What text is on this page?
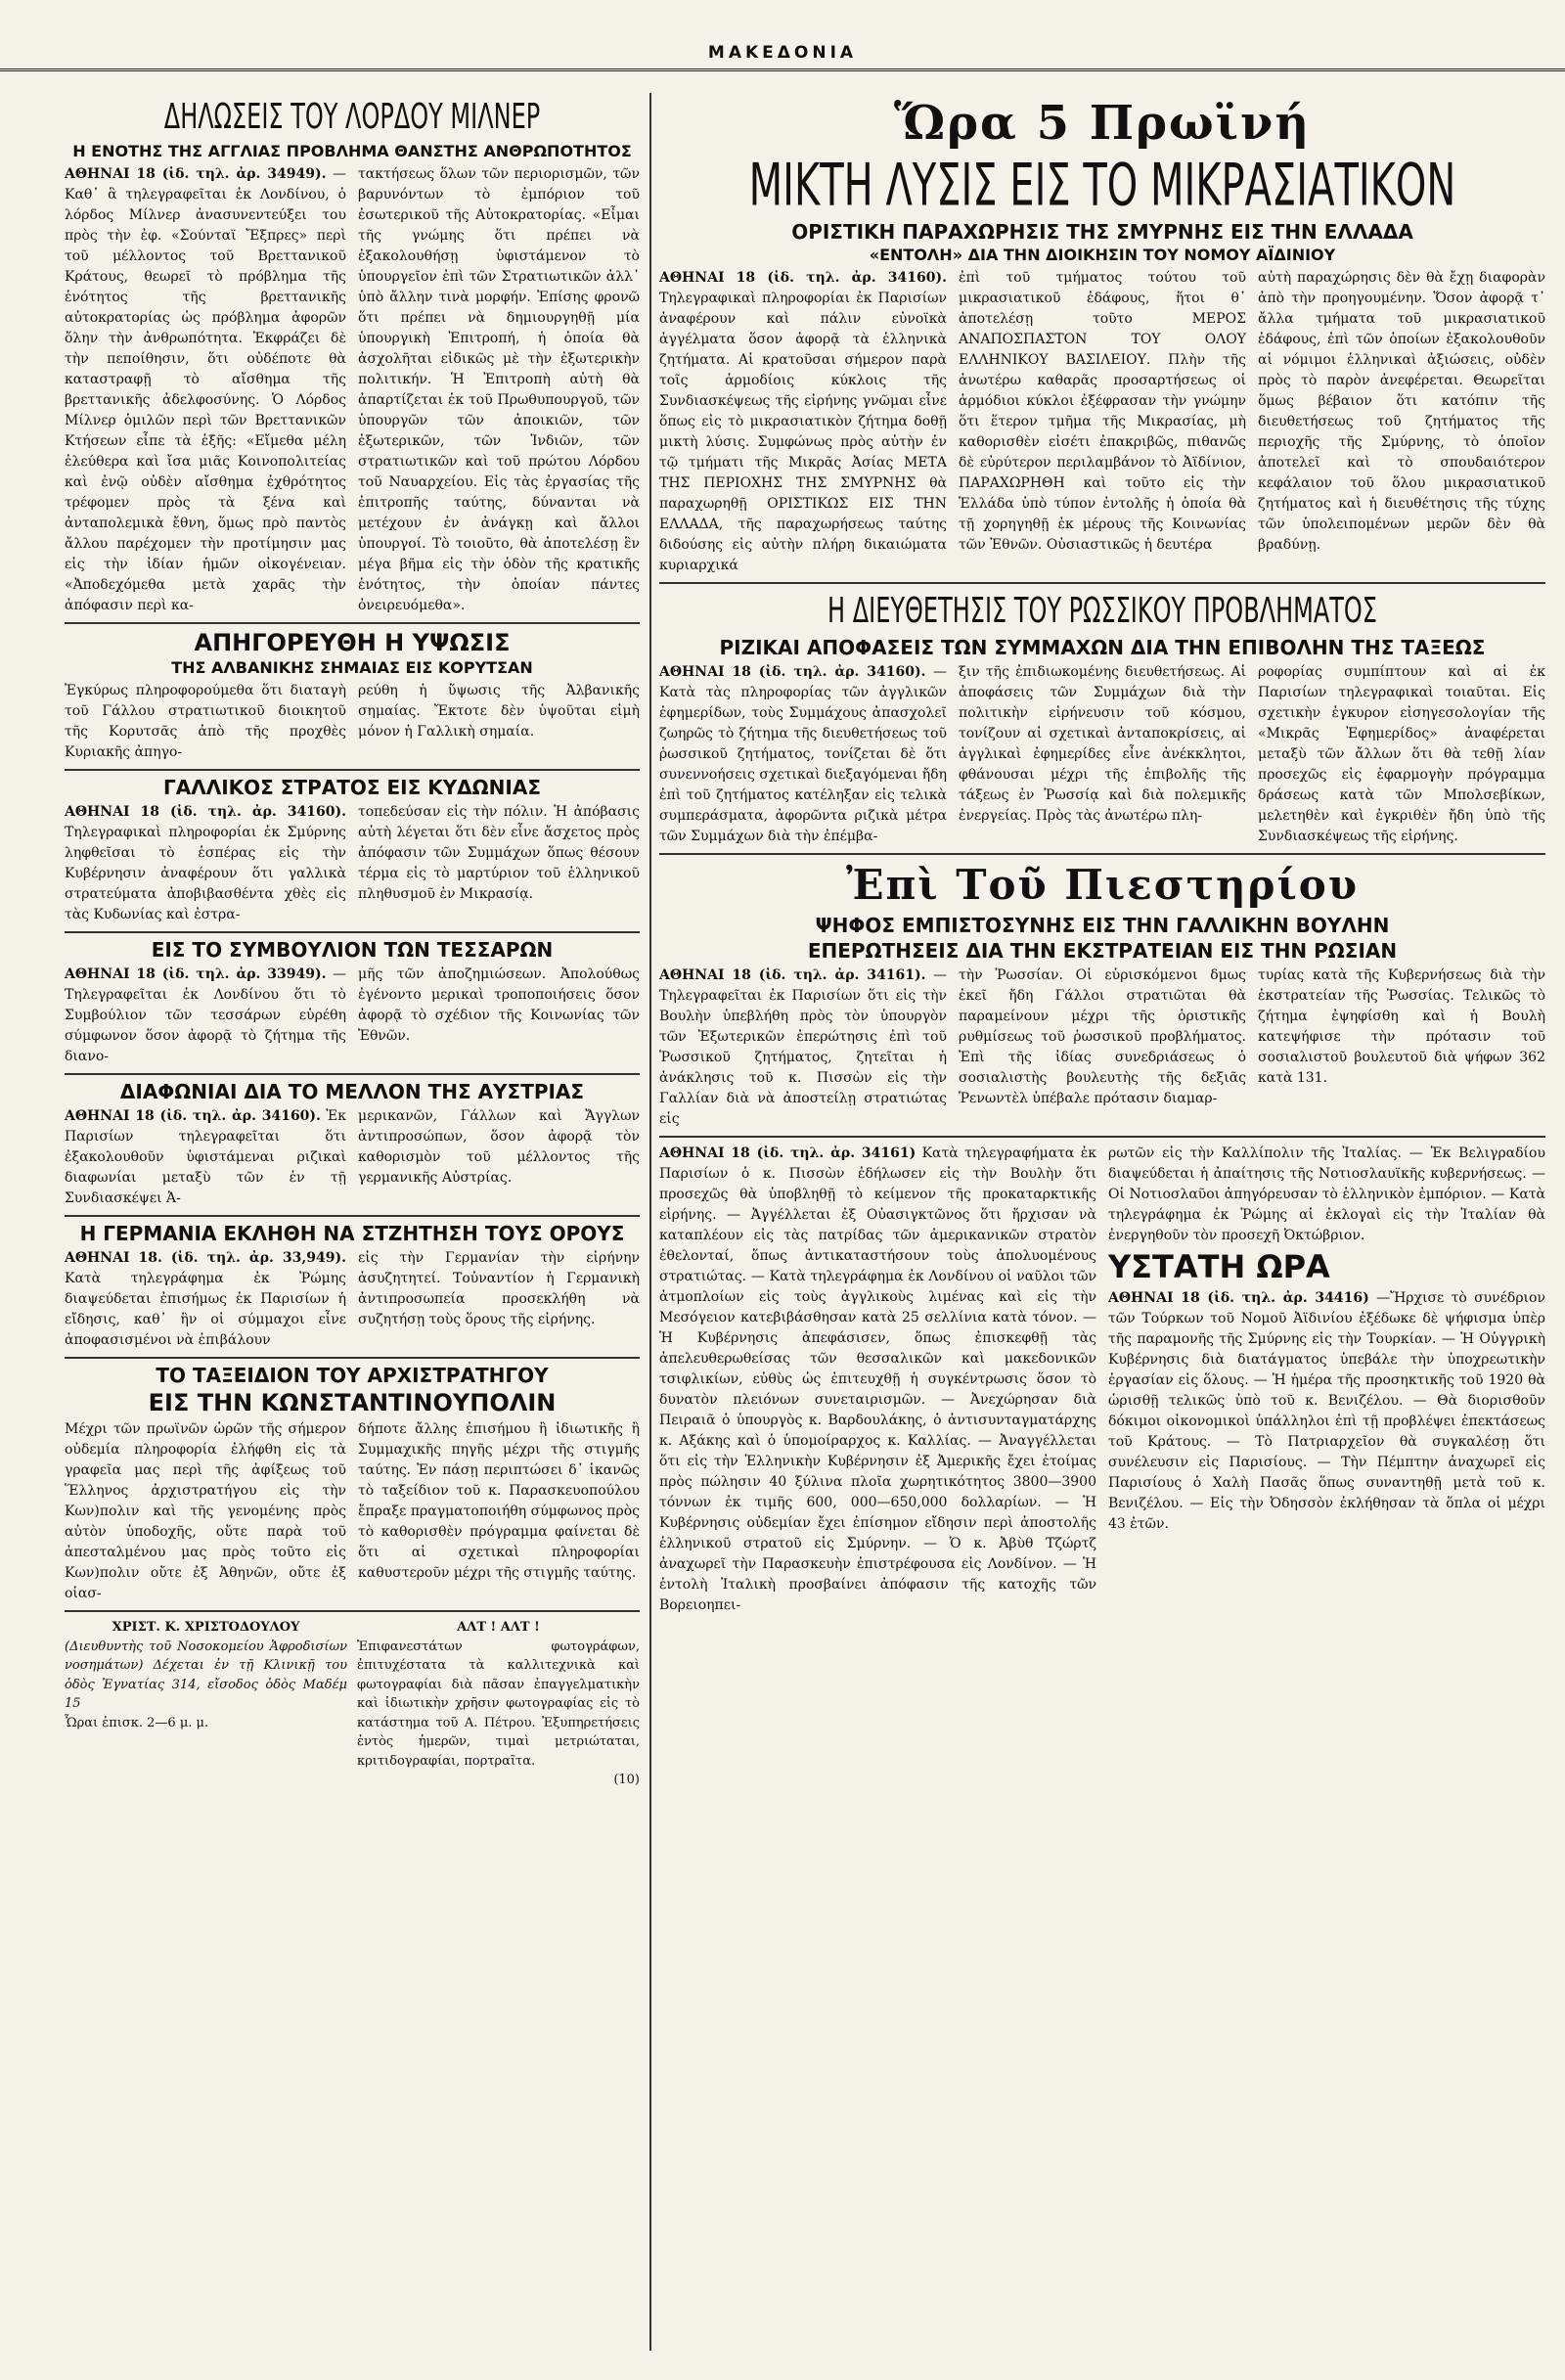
ΜΑΚΕΔΟΝΙΑ
ΔΗΛΩΣΕΙΣ ΤΟΥ ΛΟΡΔΟΥ ΜΙΛΝΕΡ
Η ΕΝΟΤΗΣ ΤΗΣ ΑΓΓΛΙΑΣ ΠΡΟΒΛΗΜΑ ΘΑΝΣΤΗΣ ΑΝΘΡΩΠΟΤΗΤΟΣ

ΑΘΗΝΑΙ 18 (ἰδ. τηλ. ἀρ. 34949). —Καθ᾽ ἃ τηλεγραφεῖται ἐκ Λονδίνου, ὁ λόρδος Μίλνερ ἀνασυνεντεύξει του πρὸς τὴν ἐφ. «Σούνταϊ Ἔξπρες» περὶ τοῦ μέλλοντος τοῦ Βρεττανικοῦ Κράτους, θεωρεῖ τὸ πρόβλημα τῆς ἑνότητος τῆς βρεττανικῆς αὐτοκρατορίας ὡς πρόβλημα ἀφορῶν ὅλην τὴν ἀνθρωπότητα. Ἐκφράζει δὲ τὴν πεποίθησιν, ὅτι οὐδέποτε θὰ καταστραφῇ τὸ αἴσθημα τῆς βρεττανικῆς ἀδελφοσύνης. Ὁ Λόρδος Μίλνερ ὁμιλῶν περὶ τῶν Βρεττανικῶν Κτήσεων εἶπε τὰ ἑξῆς: «Εἴμεθα μέλη ἐλεύθερα καὶ ἴσα μιᾶς Κοινοπολιτείας καὶ ἐνῷ οὐδὲν αἴσθημα ἐχθρότητος τρέφομεν πρὸς τὰ ξένα καὶ ἀνταπολεμικὰ ἔθνη, ὅμως πρὸ παντὸς ἄλλου παρέχομεν τὴν προτίμησιν μας εἰς τὴν ἰδίαν ἡμῶν οἰκογένειαν. «Ἀποδεχόμεθα μετὰ χαρᾶς τὴν ἀπόφασιν περὶ κα-

τακτήσεως ὅλων τῶν περιορισμῶν, τῶν βαρυνόντων τὸ ἐμπόριον τοῦ ἐσωτερικοῦ τῆς Αὐτοκρατορίας. «Εἶμαι τῆς γνώμης ὅτι πρέπει νὰ ἐξακολουθήσῃ ὑφιστάμενον τὸ ὑπουργεῖον ἐπὶ τῶν Στρατιωτικῶν ἀλλ᾽ ὑπὸ ἄλλην τινὰ μορφήν. Ἐπίσης φρονῶ ὅτι πρέπει νὰ δημιουργηθῇ μία ὑπουργικὴ Ἐπιτροπή, ἡ ὁποία θὰ ἀσχολῆται εἰδικῶς μὲ τὴν ἐξωτερικὴν πολιτικήν. Ἡ Ἐπιτροπὴ αὐτὴ θὰ ἀπαρτίζεται ἐκ τοῦ Πρωθυπουργοῦ, τῶν ὑπουργῶν τῶν ἀποικιῶν, τῶν ἐξωτερικῶν, τῶν Ἰνδιῶν, τῶν στρατιωτικῶν καὶ τοῦ πρώτου Λόρδου τοῦ Ναυαρχείου. Εἰς τὰς ἐργασίας τῆς ἐπιτροπῆς ταύτης, δύνανται νὰ μετέχουν ἐν ἀνάγκῃ καὶ ἄλλοι ὑπουργοί. Τὸ τοιοῦτο, θὰ ἀποτελέσῃ ἓν μέγα βῆμα εἰς τὴν ὁδὸν τῆς κρατικῆς ἑνότητος, τὴν ὁποίαν πάντες ὀνειρευόμεθα».

ΑΠΗΓΟΡΕΥΘΗ Η ΥΨΩΣΙΣ
ΤΗΣ ΑΛΒΑΝΙΚΗΣ ΣΗΜΑΙΑΣ ΕΙΣ ΚΟΡΥΤΣΑΝ

Ἐγκύρως πληροφορούμεθα ὅτι διαταγὴ τοῦ Γάλλου στρατιωτικοῦ διοικητοῦ τῆς Κορυτσᾶς ἀπὸ τῆς προχθὲς Κυριακῆς ἀπηγο-

ρεύθη ἡ ὕψωσις τῆς Ἀλβανικῆς σημαίας. Ἔκτοτε δὲν ὑψοῦται εἰμὴ μόνον ἡ Γαλλικὴ σημαία.

ΓΑΛΛΙΚΟΣ ΣΤΡΑΤΟΣ ΕΙΣ ΚΥΔΩΝΙΑΣ

ΑΘΗΝΑΙ 18 (ἰδ. τηλ. ἀρ. 34160). Τηλεγραφικαὶ πληροφορίαι ἐκ Σμύρνης ληφθεῖσαι τὸ ἑσπέρας εἰς τὴν Κυβέρνησιν ἀναφέρουν ὅτι γαλλικὰ στρατεύματα ἀποβιβασθέντα χθὲς εἰς τὰς Κυδωνίας καὶ ἐστρα-

τοπεδεύσαν εἰς τὴν πόλιν. Ἡ ἀπόβασις αὐτὴ λέγεται ὅτι δὲν εἶνε ἄσχετος πρὸς ἀπόφασιν τῶν Συμμάχων ὅπως θέσουν τέρμα εἰς τὸ μαρτύριον τοῦ ἑλληνικοῦ πληθυσμοῦ ἐν Μικρασίᾳ.

ΕΙΣ ΤΟ ΣΥΜΒΟΥΛΙΟΝ ΤΩΝ ΤΕΣΣΑΡΩΝ

ΑΘΗΝΑΙ 18 (ἰδ. τηλ. ἀρ. 33949). —Τηλεγραφεῖται ἐκ Λονδίνου ὅτι τὸ Συμβούλιον τῶν τεσσάρων εὑρέθη σύμφωνον ὅσον ἀφορᾷ τὸ ζήτημα τῆς διανο-

μῆς τῶν ἀποζημιώσεων. Ἀπολούθως ἐγένοντο μερικαὶ τροποποιήσεις ὅσον ἀφορᾷ τὸ σχέδιον τῆς Κοινωνίας τῶν Ἐθνῶν.

ΔΙΑΦΩΝΙΑΙ ΔΙΑ ΤΟ ΜΕΛΛΟΝ ΤΗΣ ΑΥΣΤΡΙΑΣ

ΑΘΗΝΑΙ 18 (ἰδ. τηλ. ἀρ. 34160). Ἐκ Παρισίων τηλεγραφεῖται ὅτι ἐξακολουθοῦν ὑφιστάμεναι ριζικαὶ διαφωνίαι μεταξὺ τῶν ἐν τῇ Συνδιασκέψει Ἀ-

μερικανῶν, Γάλλων καὶ Ἄγγλων ἀντιπροσώπων, ὅσον ἀφορᾷ τὸν καθορισμὸν τοῦ μέλλοντος τῆς γερμανικῆς Αὐστρίας.

Η ΓΕΡΜΑΝΙΑ ΕΚΛΗΘΗ ΝΑ ΣΤΖΗΤΗΣΗ ΤΟΥΣ ΟΡΟΥΣ

ΑΘΗΝΑΙ 18. (ἰδ. τηλ. ἀρ. 33,949). Κατὰ τηλεγράφημα ἐκ Ῥώμης διαψεύδεται ἐπισήμως ἐκ Παρισίων ἡ εἴδησις, καθ᾽ ἣν οἱ σύμμαχοι εἶνε ἀποφασισμένοι νὰ ἐπιβάλουν

εἰς τὴν Γερμανίαν τὴν εἰρήνην ἀσυζητητεί. Τοὐναντίον ἡ Γερμανικὴ ἀντιπροσωπεία προσεκλήθη νὰ συζητήσῃ τοὺς ὅρους τῆς εἰρήνης.

ΤΟ ΤΑΞΕΙΔΙΟΝ ΤΟΥ ΑΡΧΙΣΤΡΑΤΗΓΟΥ
ΕΙΣ ΤΗΝ ΚΩΝΣΤΑΝΤΙΝΟΥΠΟΛΙΝ

Μέχρι τῶν πρωϊνῶν ὡρῶν τῆς σήμερον οὐδεμία πληροφορία ἐλήφθη εἰς τὰ γραφεῖα μας περὶ τῆς ἀφίξεως τοῦ Ἕλληνος ἀρχιστρατήγου εἰς τὴν Κων)πολιν καὶ τῆς γενομένης πρὸς αὐτὸν ὑποδοχῆς, οὔτε παρὰ τοῦ ἀπεσταλμένου μας πρὸς τοῦτο εἰς Κων)πολιν οὔτε ἐξ Ἀθηνῶν, οὔτε ἐξ οἱασ-

δήποτε ἄλλης ἐπισήμου ἢ ἰδιωτικῆς ἢ Συμμαχικῆς πηγῆς μέχρι τῆς στιγμῆς ταύτης. Ἐν πάσῃ περιπτώσει δ᾽ ἱκανῶς τὸ ταξείδιον τοῦ κ. Παρασκευοπούλου ἔπραξε πραγματοποιήθη σύμφωνος πρὸς τὸ καθορισθὲν πρόγραμμα φαίνεται δὲ ὅτι αἱ σχετικαὶ πληροφορίαι καθυστεροῦν μέχρι τῆς στιγμῆς ταύτης.

ΧΡΙΣΤ. Κ. ΧΡΙΣΤΟΔΟΥΛΟΥ

(Διευθυντὴς τοῦ Νοσοκομείου Ἀφροδισίων νοσημάτων) Δέχεται ἐν τῇ Κλινικῇ του ὁδὸς Ἐγνατίας 314, εἴσοδος ὁδὸς Μαδέμ 15

Ὧραι ἐπισκ. 2—6 μ. μ.

ΑΛΤ ! ΑΛΤ !

Ἐπιφανεστάτων φωτογράφων, ἐπιτυχέστατα τὰ καλλιτεχνικὰ καὶ φωτογραφίαι διὰ πᾶσαν ἐπαγγελματικὴν καὶ ἰδιωτικὴν χρῆσιν φωτογραφίας εἰς τὸ κατάστημα τοῦ Α. Πέτρου. Ἐξυπηρετήσεις ἐντὸς ἡμερῶν, τιμαὶ μετριώταται, κριτιδογραφίαι, πορτραῖτα.

(10)

Ὥρα 5 Πρωϊνή
ΜΙΚΤΗ ΛΥΣΙΣ ΕΙΣ ΤΟ ΜΙΚΡΑΣΙΑΤΙΚΟΝ
ΟΡΙΣΤΙΚΗ ΠΑΡΑΧΩΡΗΣΙΣ ΤΗΣ ΣΜΥΡΝΗΣ ΕΙΣ ΤΗΝ ΕΛΛΑΔΑ
«ΕΝΤΟΛΗ» ΔΙΑ ΤΗΝ ΔΙΟΙΚΗΣΙΝ ΤΟΥ ΝΟΜΟΥ ΑΪΔΙΝΙΟΥ

ΑΘΗΝΑΙ 18 (ἰδ. τηλ. ἀρ. 34160). Τηλεγραφικαὶ πληροφορίαι ἐκ Παρισίων ἀναφέρουν καὶ πάλιν εὐνοϊκὰ ἀγγέλματα ὅσον ἀφορᾷ τὰ ἑλληνικὰ ζητήματα. Αἱ κρατοῦσαι σήμερον παρὰ τοῖς ἁρμοδίοις κύκλοις τῆς Συνδιασκέψεως τῆς εἰρήνης γνῶμαι εἶνε ὅπως εἰς τὸ μικρασιατικὸν ζήτημα δοθῇ μικτὴ λύσις. Συμφώνως πρὸς αὐτὴν ἐν τῷ τμήματι τῆς Μικρᾶς Ἀσίας ΜΕΤΑ ΤΗΣ ΠΕΡΙΟΧΗΣ ΤΗΣ ΣΜΥΡΝΗΣ θὰ παραχωρηθῇ ΟΡΙΣΤΙΚΩΣ ΕΙΣ ΤΗΝ ΕΛΛΑΔΑ, τῆς παραχωρήσεως ταύτης διδούσης εἰς αὐτὴν πλήρη δικαιώματα κυριαρχικά

ἐπὶ τοῦ τμήματος τούτου τοῦ μικρασιατικοῦ ἐδάφους, ἥτοι θ᾽ ἀποτελέσῃ τοῦτο ΜΕΡΟΣ ΑΝΑΠΟΣΠΑΣΤΟΝ ΤΟΥ ΟΛΟΥ ΕΛΛΗΝΙΚΟΥ ΒΑΣΙΛΕΙΟΥ. Πλὴν τῆς ἀνωτέρω καθαρᾶς προσαρτήσεως οἱ ἁρμόδιοι κύκλοι ἐξέφρασαν τὴν γνώμην ὅτι ἕτερον τμῆμα τῆς Μικρασίας, μὴ καθορισθὲν εἰσέτι ἐπακριβῶς, πιθανῶς δὲ εὐρύτερον περιλαμβάνον τὸ Ἀϊδίνιον, ΠΑΡΑΧΩΡΗΘΗ καὶ τοῦτο εἰς τὴν Ἑλλάδα ὑπὸ τύπον ἐντολῆς ἡ ὁποία θὰ τῇ χορηγηθῇ ἐκ μέρους τῆς Κοινωνίας τῶν Ἐθνῶν. Οὐσιαστικῶς ἡ δευτέρα

αὐτὴ παραχώρησις δὲν θὰ ἔχῃ διαφορὰν ἀπὸ τὴν προηγουμένην. Ὅσον ἀφορᾷ τ᾽ ἄλλα τμήματα τοῦ μικρασιατικοῦ ἐδάφους, ἐπὶ τῶν ὁποίων ἐξακολουθοῦν αἱ νόμιμοι ἑλληνικαὶ ἀξιώσεις, οὐδὲν πρὸς τὸ παρὸν ἀνεφέρεται. Θεωρεῖται ὅμως βέβαιον ὅτι κατόπιν τῆς διευθετήσεως τοῦ ζητήματος τῆς περιοχῆς τῆς Σμύρνης, τὸ ὁποῖον ἀποτελεῖ καὶ τὸ σπουδαιότερον κεφάλαιον τοῦ ὅλου μικρασιατικοῦ ζητήματος καὶ ἡ διευθέτησις τῆς τύχης τῶν ὑπολειπομένων μερῶν δὲν θὰ βραδύνῃ.

Η ΔΙΕΥΘΕΤΗΣΙΣ ΤΟΥ ΡΩΣΣΙΚΟΥ ΠΡΟΒΛΗΜΑΤΟΣ
ΡΙΖΙΚΑΙ ΑΠΟΦΑΣΕΙΣ ΤΩΝ ΣΥΜΜΑΧΩΝ ΔΙΑ ΤΗΝ ΕΠΙΒΟΛΗΝ ΤΗΣ ΤΑΞΕΩΣ

ΑΘΗΝΑΙ 18 (ἰδ. τηλ. ἀρ. 34160). —Κατὰ τὰς πληροφορίας τῶν ἀγγλικῶν ἐφημερίδων, τοὺς Συμμάχους ἀπασχολεῖ ζωηρῶς τὸ ζήτημα τῆς διευθετήσεως τοῦ ῥωσσικοῦ ζητήματος, τονίζεται δὲ ὅτι συνεννοήσεις σχετικαὶ διεξαγόμεναι ἤδη ἐπὶ τοῦ ζητήματος κατέληξαν εἰς τελικὰ συμπεράσματα, ἀφορῶντα ριζικὰ μέτρα τῶν Συμμάχων διὰ τὴν ἐπέμβα-

ξιν τῆς ἐπιδιωκομένης διευθετήσεως. Αἱ ἀποφάσεις τῶν Συμμάχων διὰ τὴν πολιτικὴν εἰρήνευσιν τοῦ κόσμου, τονίζουν αἱ σχετικαὶ ἀνταποκρίσεις, αἱ ἀγγλικαὶ ἐφημερίδες εἶνε ἀνέκκλητοι, φθάνουσαι μέχρι τῆς ἐπιβολῆς τῆς τάξεως ἐν Ῥωσσίᾳ καὶ διὰ πολεμικῆς ἐνεργείας. Πρὸς τὰς ἀνωτέρω πλη-

ροφορίας συμπίπτουν καὶ αἱ ἐκ Παρισίων τηλεγραφικαὶ τοιαῦται. Εἰς σχετικὴν ἐγκυρον εἰσηγεσολογίαν τῆς «Μικρᾶς Ἐφημερίδος» ἀναφέρεται μεταξὺ τῶν ἄλλων ὅτι θὰ τεθῇ λίαν προσεχῶς εἰς ἐφαρμογὴν πρόγραμμα δράσεως κατὰ τῶν Μπολσεβίκων, μελετηθὲν καὶ ἐγκριθὲν ἤδη ὑπὸ τῆς Συνδιασκέψεως τῆς εἰρήνης.

Ἐπὶ Τοῦ Πιεστηρίου
ΨΗΦΟΣ ΕΜΠΙΣΤΟΣΥΝΗΣ ΕΙΣ ΤΗΝ ΓΑΛΛΙΚΗΝ ΒΟΥΛΗΝ
ΕΠΕΡΩΤΗΣΕΙΣ ΔΙΑ ΤΗΝ ΕΚΣΤΡΑΤΕΙΑΝ ΕΙΣ ΤΗΝ ΡΩΣΙΑΝ

ΑΘΗΝΑΙ 18 (ἰδ. τηλ. ἀρ. 34161). —Τηλεγραφεῖται ἐκ Παρισίων ὅτι εἰς τὴν Βουλὴν ὑπεβλήθη πρὸς τὸν ὑπουργὸν τῶν Ἐξωτερικῶν ἐπερώτησις ἐπὶ τοῦ Ῥωσσικοῦ ζητήματος, ζητεῖται ἡ ἀνάκλησις τοῦ κ. Πισσὼν εἰς τὴν Γαλλίαν διὰ νὰ ἀποστείλῃ στρατιώτας εἰς

τὴν Ῥωσσίαν. Οἱ εὑρισκόμενοι δμως ἐκεῖ ἤδη Γάλλοι στρατιῶται θὰ παραμείνουν μέχρι τῆς ὁριστικῆς ρυθμίσεως τοῦ ῥωσσικοῦ προβλήματος. Ἐπὶ τῆς ἰδίας συνεδριάσεως ὁ σοσιαλιστὴς βουλευτὴς τῆς δεξιᾶς Ῥενωντὲλ ὑπέβαλε πρότασιν διαμαρ-

τυρίας κατὰ τῆς Κυβερνήσεως διὰ τὴν ἐκστρατείαν τῆς Ῥωσσίας. Τελικῶς τὸ ζήτημα ἐψηφίσθη καὶ ἡ Βουλὴ κατεψήφισε τὴν πρότασιν τοῦ σοσιαλιστοῦ βουλευτοῦ διὰ ψήφων 362 κατὰ 131.

ΑΘΗΝΑΙ 18 (ἰδ. τηλ. ἀρ. 34161) Κατὰ τηλεγραφήματα ἐκ Παρισίων ὁ κ. Πισσὼν ἐδήλωσεν εἰς τὴν Βουλὴν ὅτι προσεχῶς θὰ ὑποβληθῇ τὸ κείμενον τῆς προκαταρκτικῆς εἰρήνης. — Ἀγγέλλεται ἐξ Οὐασιγκτῶνος ὅτι ἤρχισαν νὰ καταπλέουν εἰς τὰς πατρίδας τῶν ἀμερικανικῶν στρατὸν ἐθελονταί, ὅπως ἀντικαταστήσουν τοὺς ἀπολυομένους στρατιώτας. — Κατὰ τηλεγράφημα ἐκ Λονδίνου οἱ ναῦλοι τῶν ἀτμοπλοίων εἰς τοὺς ἀγγλικοὺς λιμένας καὶ εἰς τὴν Μεσόγειον κατεβιβάσθησαν κατὰ 25 σελλίνια κατὰ τόνον. — Ἡ Κυβέρνησις ἀπεφάσισεν, ὅπως ἐπισκεφθῇ τὰς ἀπελευθερωθείσας τῶν θεσσαλικῶν καὶ μακεδονικῶν τσιφλικίων, εὐθὺς ὡς ἐπιτευχθῇ ἡ συγκέντρωσις ὅσον τὸ δυνατὸν πλειόνων συνεταιρισμῶν. — Ἀνεχώρησαν διὰ Πειραιᾶ ὁ ὑπουργὸς κ. Βαρδουλάκης, ὁ ἀντισυνταγματάρχης κ. Αξάκης καὶ ὁ ὑπομοίραρχος κ. Καλλίας. — Ἀναγγέλλεται ὅτι εἰς τὴν Ἑλληνικὴν Κυβέρνησιν ἐξ Ἀμερικῆς ἔχει ἐτοίμας πρὸς πώλησιν 40 ξύλινα πλοῖα χωρητικότητος 3800—3900 τόννων ἐκ τιμῆς 600, 000—650,000 δολλαρίων. — Ἡ Κυβέρνησις οὐδεμίαν ἔχει ἐπίσημον εἴδησιν περὶ ἀποστολῆς ἑλληνικοῦ στρατοῦ εἰς Σμύρνην. — Ὁ κ. Ἀβὺθ Τζώρτζ ἀναχωρεῖ τὴν Παρασκευὴν ἐπιστρέφουσα εἰς Λονδίνον. — Ἡ ἐντολὴ Ἰταλικὴ προσβαίνει ἀπόφασιν τῆς κατοχῆς τῶν Βορειοηπει-

ρωτῶν εἰς τὴν Καλλίπολιν τῆς Ἰταλίας. — Ἐκ Βελιγραδίου διαψεύδεται ἡ ἀπαίτησις τῆς Νοτιοσλαυϊκῆς κυβερνήσεως. — Οἱ Νοτιοσλαῦοι ἀπηγόρευσαν τὸ ἑλληνικὸν ἐμπόριον. — Κατὰ τηλεγράφημα ἐκ Ῥώμης αἱ ἐκλογαὶ εἰς τὴν Ἰταλίαν θὰ ἐνεργηθοῦν τὸν προσεχῆ Ὀκτώβριον.

ΥΣΤΑΤΗ ΩΡΑ

ΑΘΗΝΑΙ 18 (ἰδ. τηλ. ἀρ. 34416) —Ἤρχισε τὸ συνέδριον τῶν Τούρκων τοῦ Νομοῦ Ἀϊδινίου ἐξέδωκε δὲ ψήφισμα ὑπὲρ τῆς παραμονῆς τῆς Σμύρνης εἰς τὴν Τουρκίαν. — Ἡ Οὑγγρικὴ Κυβέρνησις διὰ διατάγματος ὑπεβάλε τὴν ὑποχρεωτικὴν ἐργασίαν εἰς ὅλους. — Ἡ ἡμέρα τῆς προσηκτικῆς τοῦ 1920 θὰ ὡρισθῇ τελικῶς ὑπὸ τοῦ κ. Βενιζέλου. — Θὰ διορισθοῦν δόκιμοι οἰκονομικοὶ ὑπάλληλοι ἐπὶ τῇ προβλέψει ἐπεκτάσεως τοῦ Κράτους. — Τὸ Πατριαρχεῖον θὰ συγκαλέσῃ ὅτι συνέλευσιν εἰς Παρισίους. — Τὴν Πέμπτην ἀναχωρεῖ εἰς Παρισίους ὁ Χαλὴ Πασᾶς ὅπως συναντηθῇ μετὰ τοῦ κ. Βενιζέλου. — Εἰς τὴν Ὀδησσὸν ἐκλήθησαν τὰ ὅπλα οἱ μέχρι 43 ἐτῶν.
